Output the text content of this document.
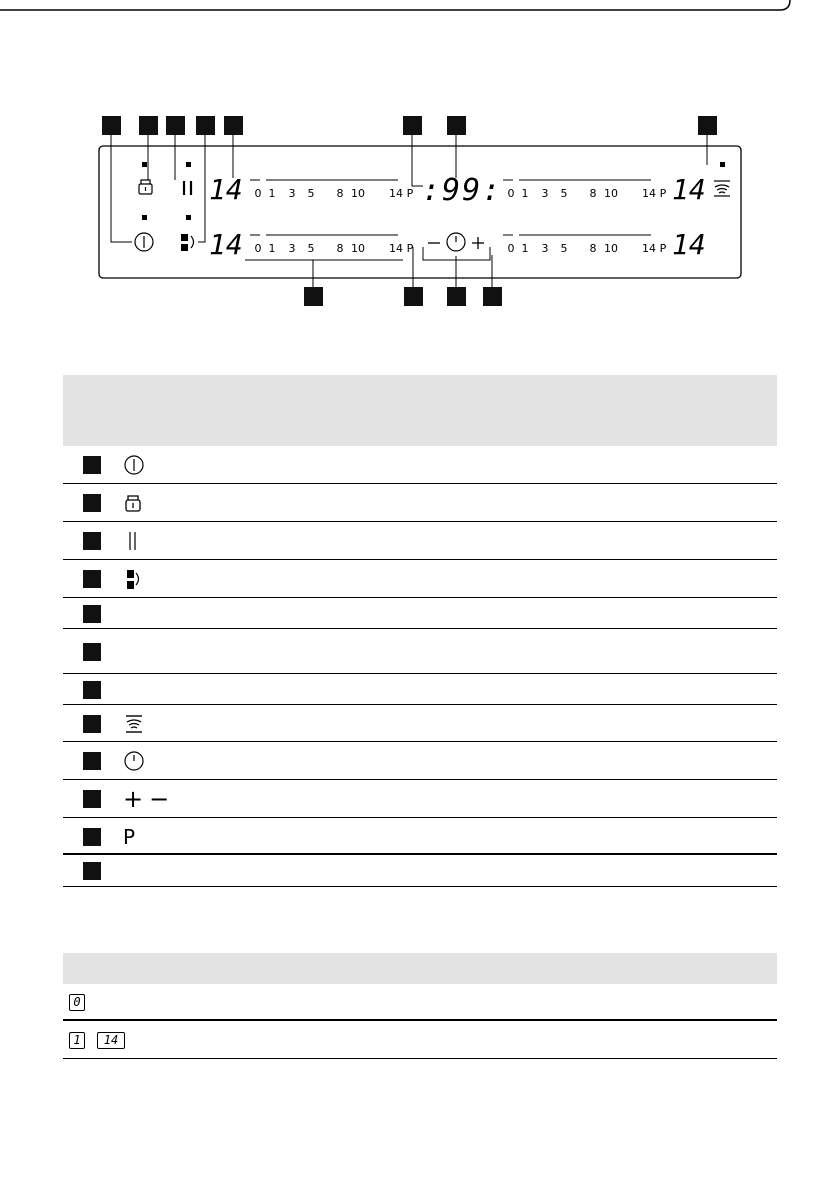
14
14
14
14
:99:
0 1 3 5 8 10 14 P
0 1 3 5 8 10 14 P
0 1 3 5 8 10 14 P
0 1 3 5 8 10 14 P
+−
P
0
1	14
